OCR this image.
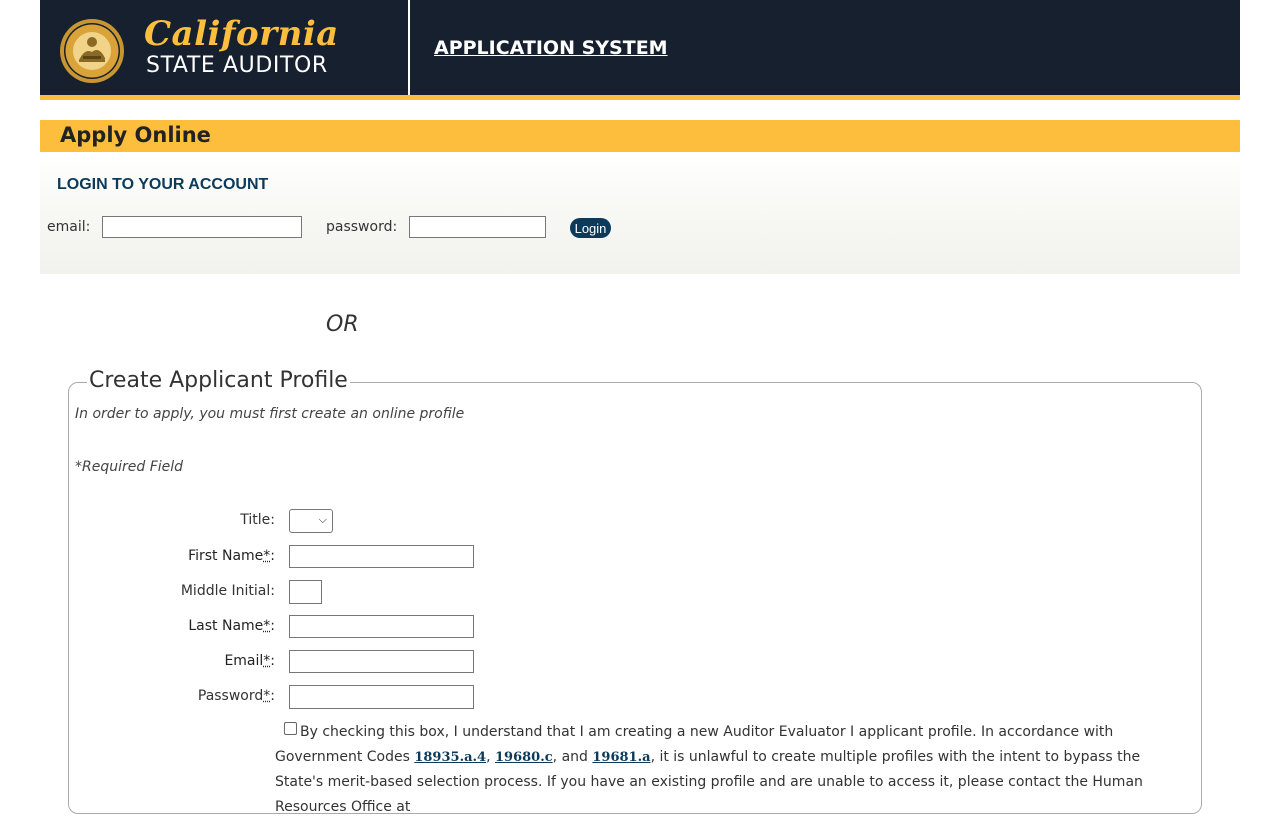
California
STATE AUDITOR
APPLICATION SYSTEM
Apply Online
LOGIN TO YOUR ACCOUNT
email:	password:	Login
OR
Create Applicant Profile
In order to apply, you must first create an online profile
*Required Field
Title:	⌵
First Name*:
Middle Initial:
Last Name*:
Email*:
Password*:
By checking this box, I understand that I am creating a new Auditor Evaluator I applicant profile. In accordance with Government Codes 18935.a.4, 19680.c, and 19681.a, it is unlawful to create multiple profiles with the intent to bypass the State's merit-based selection process. If you have an existing profile and are unable to access it, please contact the Human Resources Office at
